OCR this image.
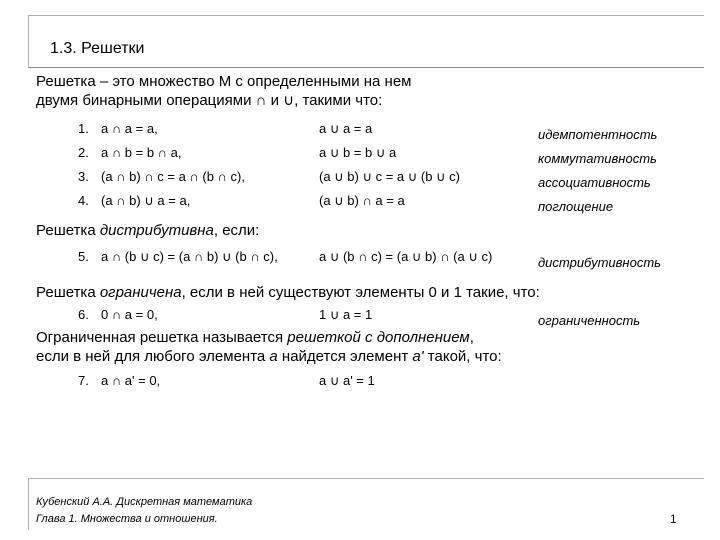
1.3. Решетки
Решетка – это множество М с определенными на нем
двумя бинарными операциями ∩ и ∪, такими что:
1. a ∩ a = a,	a ∪ a = a	идемпотентность
2. a ∩ b = b ∩ a,	a ∪ b = b ∪ a	коммутативность
3. (a ∩ b) ∩ c = a ∩ (b ∩ c),	(a ∪ b) ∪ c = a ∪ (b ∪ c)	ассоциативность
4. (a ∩ b) ∪ a = a,	(a ∪ b) ∩ a = a	поглощение
Решетка дистрибутивна, если:
5. a ∩ (b ∪ c) = (a ∩ b) ∪ (b ∩ c),	a ∪ (b ∩ c) = (a ∪ b) ∩ (a ∪ c)	дистрибутивность
Решетка ограничена, если в ней существуют элементы 0 и 1 такие, что:
6. 0 ∩ a = 0,	1 ∪ a = 1	ограниченность
Ограниченная решетка называется решеткой с дополнением,
если в ней для любого элемента a найдется элемент a' такой, что:
7. a ∩ a' = 0,	a ∪ a' = 1
Кубенский А.А. Дискретная математика
Глава 1. Множества и отношения.	1
